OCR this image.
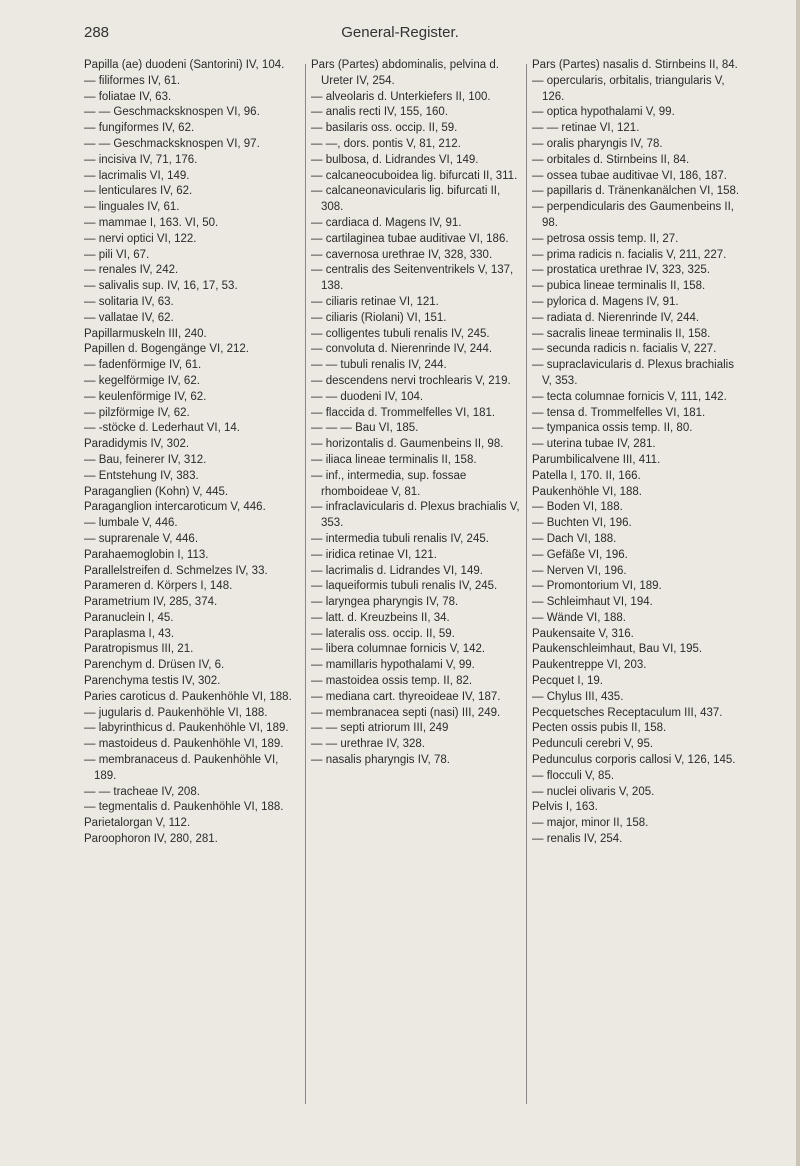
288	General-Register.

Papilla (ae) duodeni (Santorini) IV, 104.

— filiformes IV, 61.

— foliatae IV, 63.

— — Geschmacksknospen VI, 96.

— fungiformes IV, 62.

— — Geschmacksknospen VI, 97.

— incisiva IV, 71, 176.

— lacrimalis VI, 149.

— lenticulares IV, 62.

— linguales IV, 61.

— mammae I, 163. VI, 50.

— nervi optici VI, 122.

— pili VI, 67.

— renales IV, 242.

— salivalis sup. IV, 16, 17, 53.

— solitaria IV, 63.

— vallatae IV, 62.

Papillarmuskeln III, 240.

Papillen d. Bogengänge VI, 212.

— fadenförmige IV, 61.

— kegelförmige IV, 62.

— keulenförmige IV, 62.

— pilzförmige IV, 62.

— -stöcke d. Lederhaut VI, 14.

Paradidymis IV, 302.

— Bau, feinerer IV, 312.

— Entstehung IV, 383.

Paraganglien (Kohn) V, 445.

Paraganglion intercaroticum V, 446.

— lumbale V, 446.

— suprarenale V, 446.

Parahaemoglobin I, 113.

Parallelstreifen d. Schmelzes IV, 33.

Parameren d. Körpers I, 148.

Parametrium IV, 285, 374.

Paranuclein I, 45.

Paraplasma I, 43.

Paratropismus III, 21.

Parenchym d. Drüsen IV, 6.

Parenchyma testis IV, 302.

Paries caroticus d. Paukenhöhle VI, 188.

— jugularis d. Paukenhöhle VI, 188.

— labyrinthicus d. Paukenhöhle VI, 189.

— mastoideus d. Paukenhöhle VI, 189.

— membranaceus d. Paukenhöhle VI, 189.

— — tracheae IV, 208.

— tegmentalis d. Paukenhöhle VI, 188.

Parietalorgan V, 112.

Paroophoron IV, 280, 281.

Pars (Partes) abdominalis, pelvina d. Ureter IV, 254.

— alveolaris d. Unterkiefers II, 100.

— analis recti IV, 155, 160.

— basilaris oss. occip. II, 59.

— —, dors. pontis V, 81, 212.

— bulbosa, d. Lidrandes VI, 149.

— calcaneocuboidea lig. bifurcati II, 311.

— calcaneonavicularis lig. bifurcati II, 308.

— cardiaca d. Magens IV, 91.

— cartilaginea tubae auditivae VI, 186.

— cavernosa urethrae IV, 328, 330.

— centralis des Seitenventrikels V, 137, 138.

— ciliaris retinae VI, 121.

— ciliaris (Riolani) VI, 151.

— colligentes tubuli renalis IV, 245.

— convoluta d. Nierenrinde IV, 244.

— — tubuli renalis IV, 244.

— descendens nervi trochlearis V, 219.

— — duodeni IV, 104.

— flaccida d. Trommelfelles VI, 181.

— — — Bau VI, 185.

— horizontalis d. Gaumenbeins II, 98.

— iliaca lineae terminalis II, 158.

— inf., intermedia, sup. fossae rhomboideae V, 81.

— infraclavicularis d. Plexus brachialis V, 353.

— intermedia tubuli renalis IV, 245.

— iridica retinae VI, 121.

— lacrimalis d. Lidrandes VI, 149.

— laqueiformis tubuli renalis IV, 245.

— laryngea pharyngis IV, 78.

— latt. d. Kreuzbeins II, 34.

— lateralis oss. occip. II, 59.

— libera columnae fornicis V, 142.

— mamillaris hypothalami V, 99.

— mastoidea ossis temp. II, 82.

— mediana cart. thyreoideae IV, 187.

— membranacea septi (nasi) III, 249.

— — septi atriorum III, 249

— — urethrae IV, 328.

— nasalis pharyngis IV, 78.

Pars (Partes) nasalis d. Stirnbeins II, 84.

— opercularis, orbitalis, triangularis V, 126.

— optica hypothalami V, 99.

— — retinae VI, 121.

— oralis pharyngis IV, 78.

— orbitales d. Stirnbeins II, 84.

— ossea tubae auditivae VI, 186, 187.

— papillaris d. Tränenkanälchen VI, 158.

— perpendicularis des Gaumenbeins II, 98.

— petrosa ossis temp. II, 27.

— prima radicis n. facialis V, 211, 227.

— prostatica urethrae IV, 323, 325.

— pubica lineae terminalis II, 158.

— pylorica d. Magens IV, 91.

— radiata d. Nierenrinde IV, 244.

— sacralis lineae terminalis II, 158.

— secunda radicis n. facialis V, 227.

— supraclavicularis d. Plexus brachialis V, 353.

— tecta columnae fornicis V, 111, 142.

— tensa d. Trommelfelles VI, 181.

— tympanica ossis temp. II, 80.

— uterina tubae IV, 281.

Parumbilicalvene III, 411.

Patella I, 170. II, 166.

Paukenhöhle VI, 188.

— Boden VI, 188.

— Buchten VI, 196.

— Dach VI, 188.

— Gefäße VI, 196.

— Nerven VI, 196.

— Promontorium VI, 189.

— Schleimhaut VI, 194.

— Wände VI, 188.

Paukensaite V, 316.

Paukenschleimhaut, Bau VI, 195.

Paukentreppe VI, 203.

Pecquet I, 19.

— Chylus III, 435.

Pecquetsches Receptaculum III, 437.

Pecten ossis pubis II, 158.

Pedunculi cerebri V, 95.

Pedunculus corporis callosi V, 126, 145.

— flocculi V, 85.

— nuclei olivaris V, 205.

Pelvis I, 163.

— major, minor II, 158.

— renalis IV, 254.
